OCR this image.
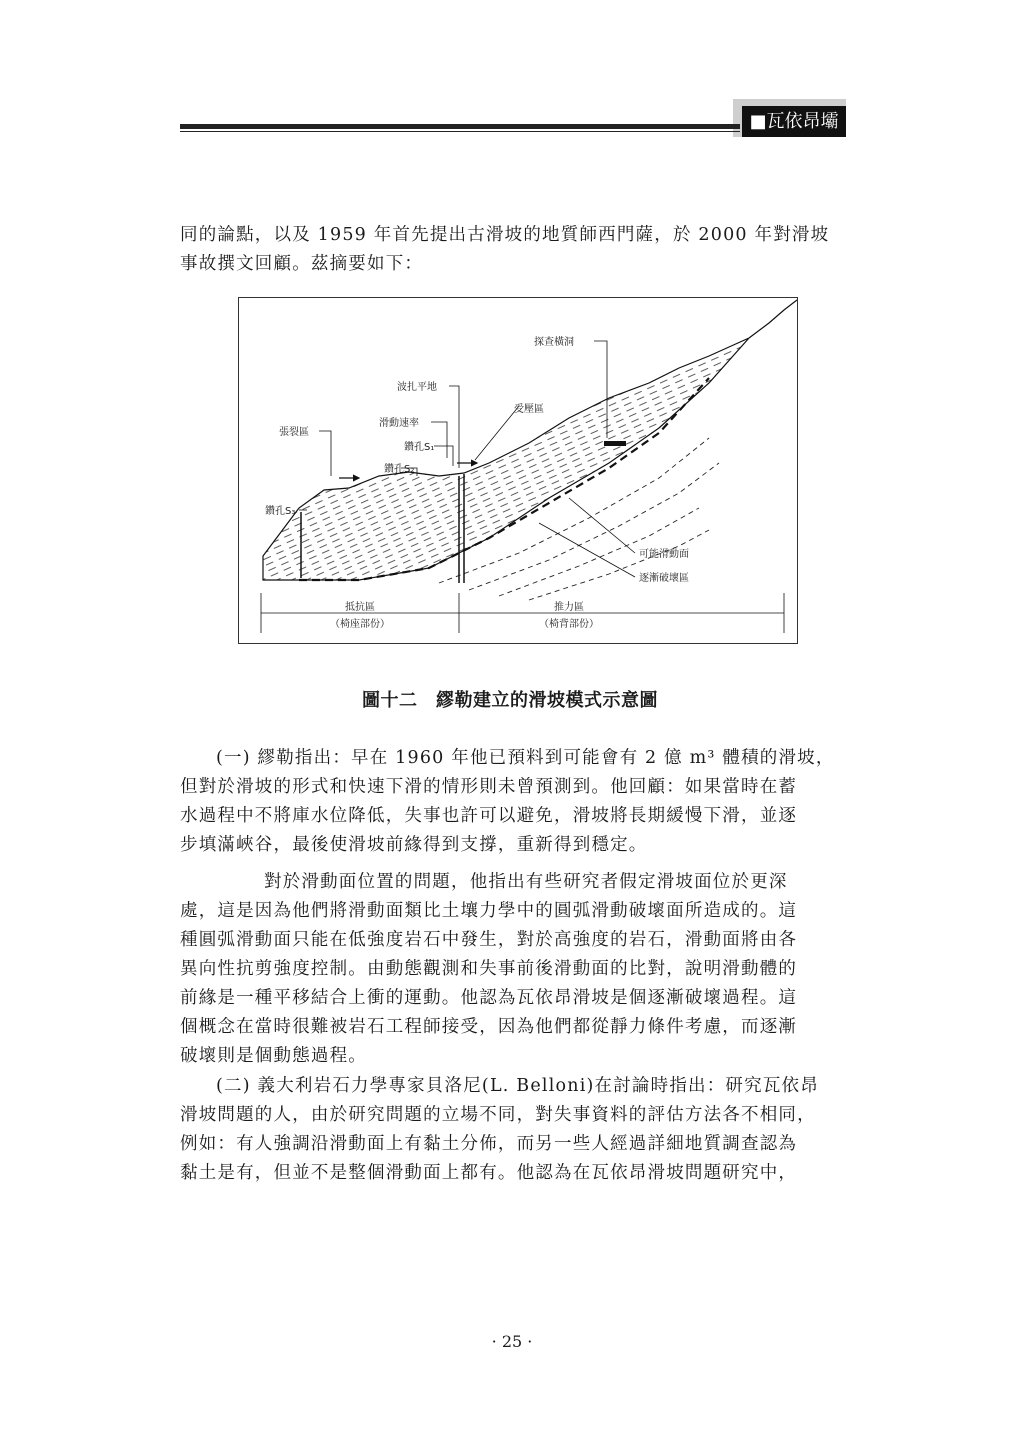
■瓦依昂壩
同的論點，以及 1959 年首先提出古滑坡的地質師西門薩，於 2000 年對滑坡
事故撰文回顧。茲摘要如下：
探查橫洞
波扎平地
受壓區
張裂區
滑動速率
鑽孔S₁
鑽孔S₂
鑽孔S₃
可能滑動面
逐漸破壞區
抵抗區
（椅座部份）
推力區
（椅背部份）
圖十二　繆勒建立的滑坡模式示意圖
(一) 繆勒指出：早在 1960 年他已預料到可能會有 2 億 m³ 體積的滑坡，
但對於滑坡的形式和快速下滑的情形則未曾預測到。他回顧：如果當時在蓄
水過程中不將庫水位降低，失事也許可以避免，滑坡將長期緩慢下滑，並逐
步填滿峽谷，最後使滑坡前緣得到支撐，重新得到穩定。
對於滑動面位置的問題，他指出有些研究者假定滑坡面位於更深
處，這是因為他們將滑動面類比土壤力學中的圓弧滑動破壞面所造成的。這
種圓弧滑動面只能在低強度岩石中發生，對於高強度的岩石，滑動面將由各
異向性抗剪強度控制。由動態觀測和失事前後滑動面的比對，說明滑動體的
前緣是一種平移結合上衝的運動。他認為瓦依昂滑坡是個逐漸破壞過程。這
個概念在當時很難被岩石工程師接受，因為他們都從靜力條件考慮，而逐漸
破壞則是個動態過程。
(二) 義大利岩石力學專家貝洛尼(L. Belloni)在討論時指出：研究瓦依昂
滑坡問題的人，由於研究問題的立場不同，對失事資料的評估方法各不相同，
例如：有人強調沿滑動面上有黏土分佈，而另一些人經過詳細地質調查認為
黏土是有，但並不是整個滑動面上都有。他認為在瓦依昂滑坡問題研究中，
· 25 ·
